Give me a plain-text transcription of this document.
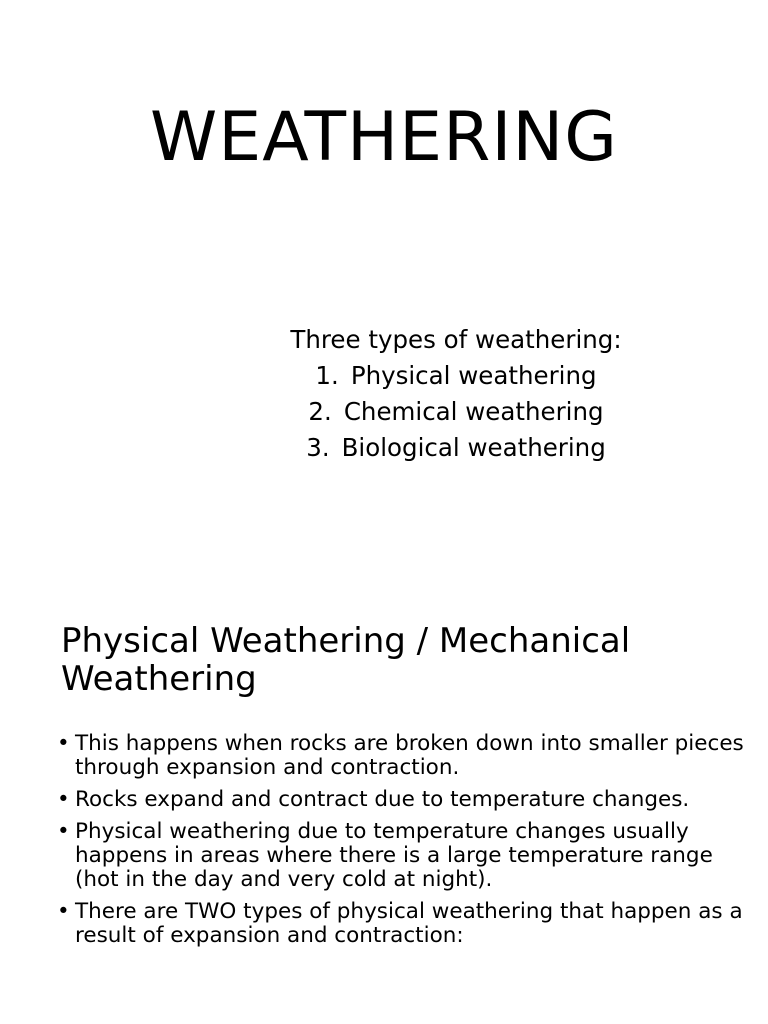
WEATHERING
Three types of weathering:
1. Physical weathering
2. Chemical weathering
3. Biological weathering
Physical Weathering / Mechanical
Weathering
• This happens when rocks are broken down into smaller pieces through expansion and contraction.
• Rocks expand and contract due to temperature changes.
• Physical weathering due to temperature changes usually happens in areas where there is a large temperature range (hot in the day and very cold at night).
• There are TWO types of physical weathering that happen as a result of expansion and contraction:
